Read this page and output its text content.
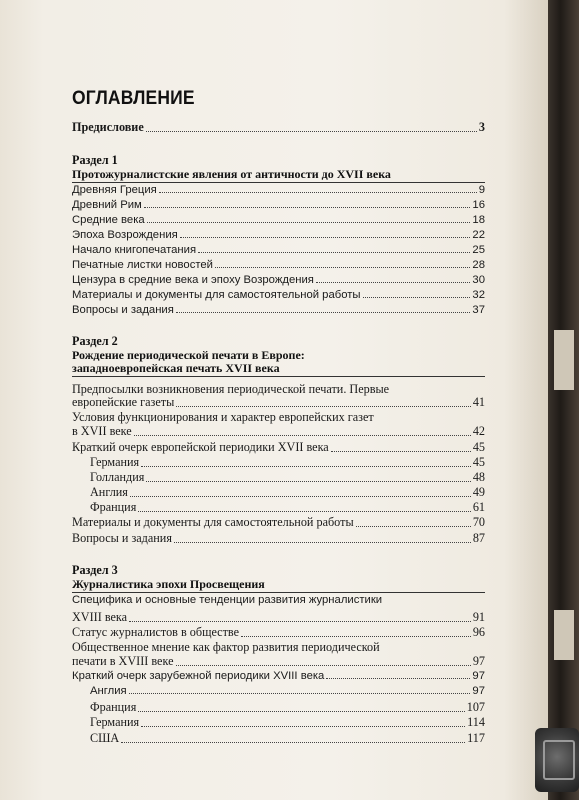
ОГЛАВЛЕНИЕ
Предисловие	3
Раздел 1
Протожурналистские явления от античности до XVII века
Древняя Греция	9
Древний Рим	16
Средние века	18
Эпоха Возрождения	22
Начало книгопечатания	25
Печатные листки новостей	28
Цензура в средние века и эпоху Возрождения	30
Материалы и документы для самостоятельной работы	32
Вопросы и задания	37
Раздел 2
Рождение периодической печати в Европе:
западноевропейская печать XVII века
Предпосылки возникновения периодической печати. Первые
европейские газеты	41
Условия функционирования и характер европейских газет
в XVII веке	42
Краткий очерк европейской периодики XVII века	45
Германия	45
Голландия	48
Англия	49
Франция	61
Материалы и документы для самостоятельной работы	70
Вопросы и задания	87
Раздел 3
Журналистика эпохи Просвещения
Специфика и основные тенденции развития журналистики
XVIII века	91
Статус журналистов в обществе	96
Общественное мнение как фактор развития периодической
печати в XVIII веке	97
Краткий очерк зарубежной периодики XVIII века	97
Англия	97
Франция	107
Германия	114
США	117
